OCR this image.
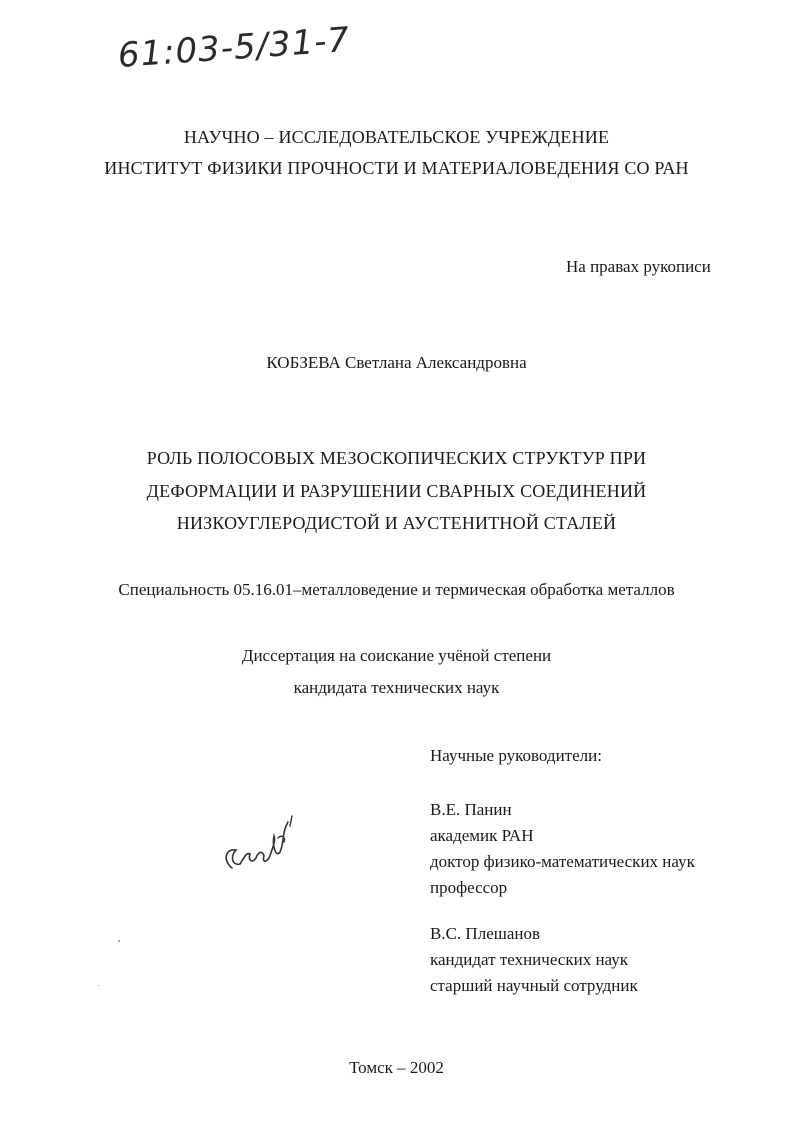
61:03-5/31-7
НАУЧНО – ИССЛЕДОВАТЕЛЬСКОЕ УЧРЕЖДЕНИЕ
ИНСТИТУТ ФИЗИКИ ПРОЧНОСТИ И МАТЕРИАЛОВЕДЕНИЯ СО РАН
На правах рукописи
КОБЗЕВА Светлана Александровна
РОЛЬ ПОЛОСОВЫХ МЕЗОСКОПИЧЕСКИХ СТРУКТУР ПРИ
ДЕФОРМАЦИИ И РАЗРУШЕНИИ СВАРНЫХ СОЕДИНЕНИЙ
НИЗКОУГЛЕРОДИСТОЙ И АУСТЕНИТНОЙ СТАЛЕЙ
Специальность 05.16.01–металловедение и термическая обработка металлов
Диссертация на соискание учёной степени
кандидата технических наук
Научные руководители:
В.Е. Панин
академик РАН
доктор физико-математических наук
профессор
В.С. Плешанов
кандидат технических наук
старший научный сотрудник
Томск – 2002
